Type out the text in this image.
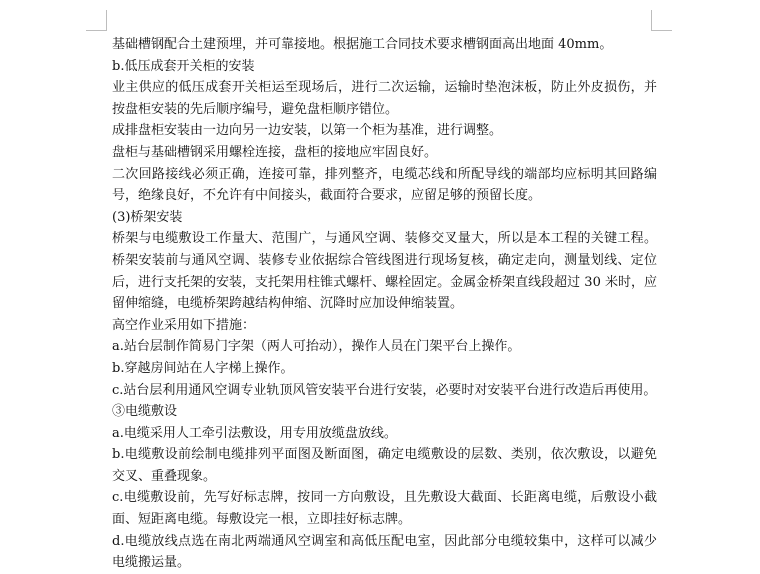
基础槽钢配合土建预埋，并可靠接地。根据施工合同技术要求槽钢面高出地面 40mm。

b.低压成套开关柜的安装

业主供应的低压成套开关柜运至现场后，进行二次运输，运输时垫泡沫板，防止外皮损伤，并按盘柜安装的先后顺序编号，避免盘柜顺序错位。

成排盘柜安装由一边向另一边安装，以第一个柜为基准，进行调整。

盘柜与基础槽钢采用螺栓连接，盘柜的接地应牢固良好。

二次回路接线必须正确，连接可靠，排列整齐，电缆芯线和所配导线的端部均应标明其回路编号，绝缘良好，不允许有中间接头，截面符合要求，应留足够的预留长度。

(3)桥架安装

桥架与电缆敷设工作量大、范围广，与通风空调、装修交叉量大，所以是本工程的关键工程。桥架安装前与通风空调、装修专业依据综合管线图进行现场复核，确定走向，测量划线、定位后，进行支托架的安装，支托架用柱锥式螺杆、螺栓固定。金属金桥架直线段超过 30 米时，应留伸缩缝，电缆桥架跨越结构伸缩、沉降时应加设伸缩装置。

高空作业采用如下措施：

a.站台层制作简易门字架（两人可抬动），操作人员在门架平台上操作。

b.穿越房间站在人字梯上操作。

c.站台层利用通风空调专业轨顶风管安装平台进行安装，必要时对安装平台进行改造后再使用。

③电缆敷设

a.电缆采用人工牵引法敷设，用专用放缆盘放线。

b.电缆敷设前绘制电缆排列平面图及断面图，确定电缆敷设的层数、类别，依次敷设，以避免交叉、重叠现象。

c.电缆敷设前，先写好标志牌，按同一方向敷设，且先敷设大截面、长距离电缆，后敷设小截面、短距离电缆。每敷设完一根，立即挂好标志牌。

d.电缆放线点选在南北两端通风空调室和高低压配电室，因此部分电缆较集中，这样可以减少电缆搬运量。
